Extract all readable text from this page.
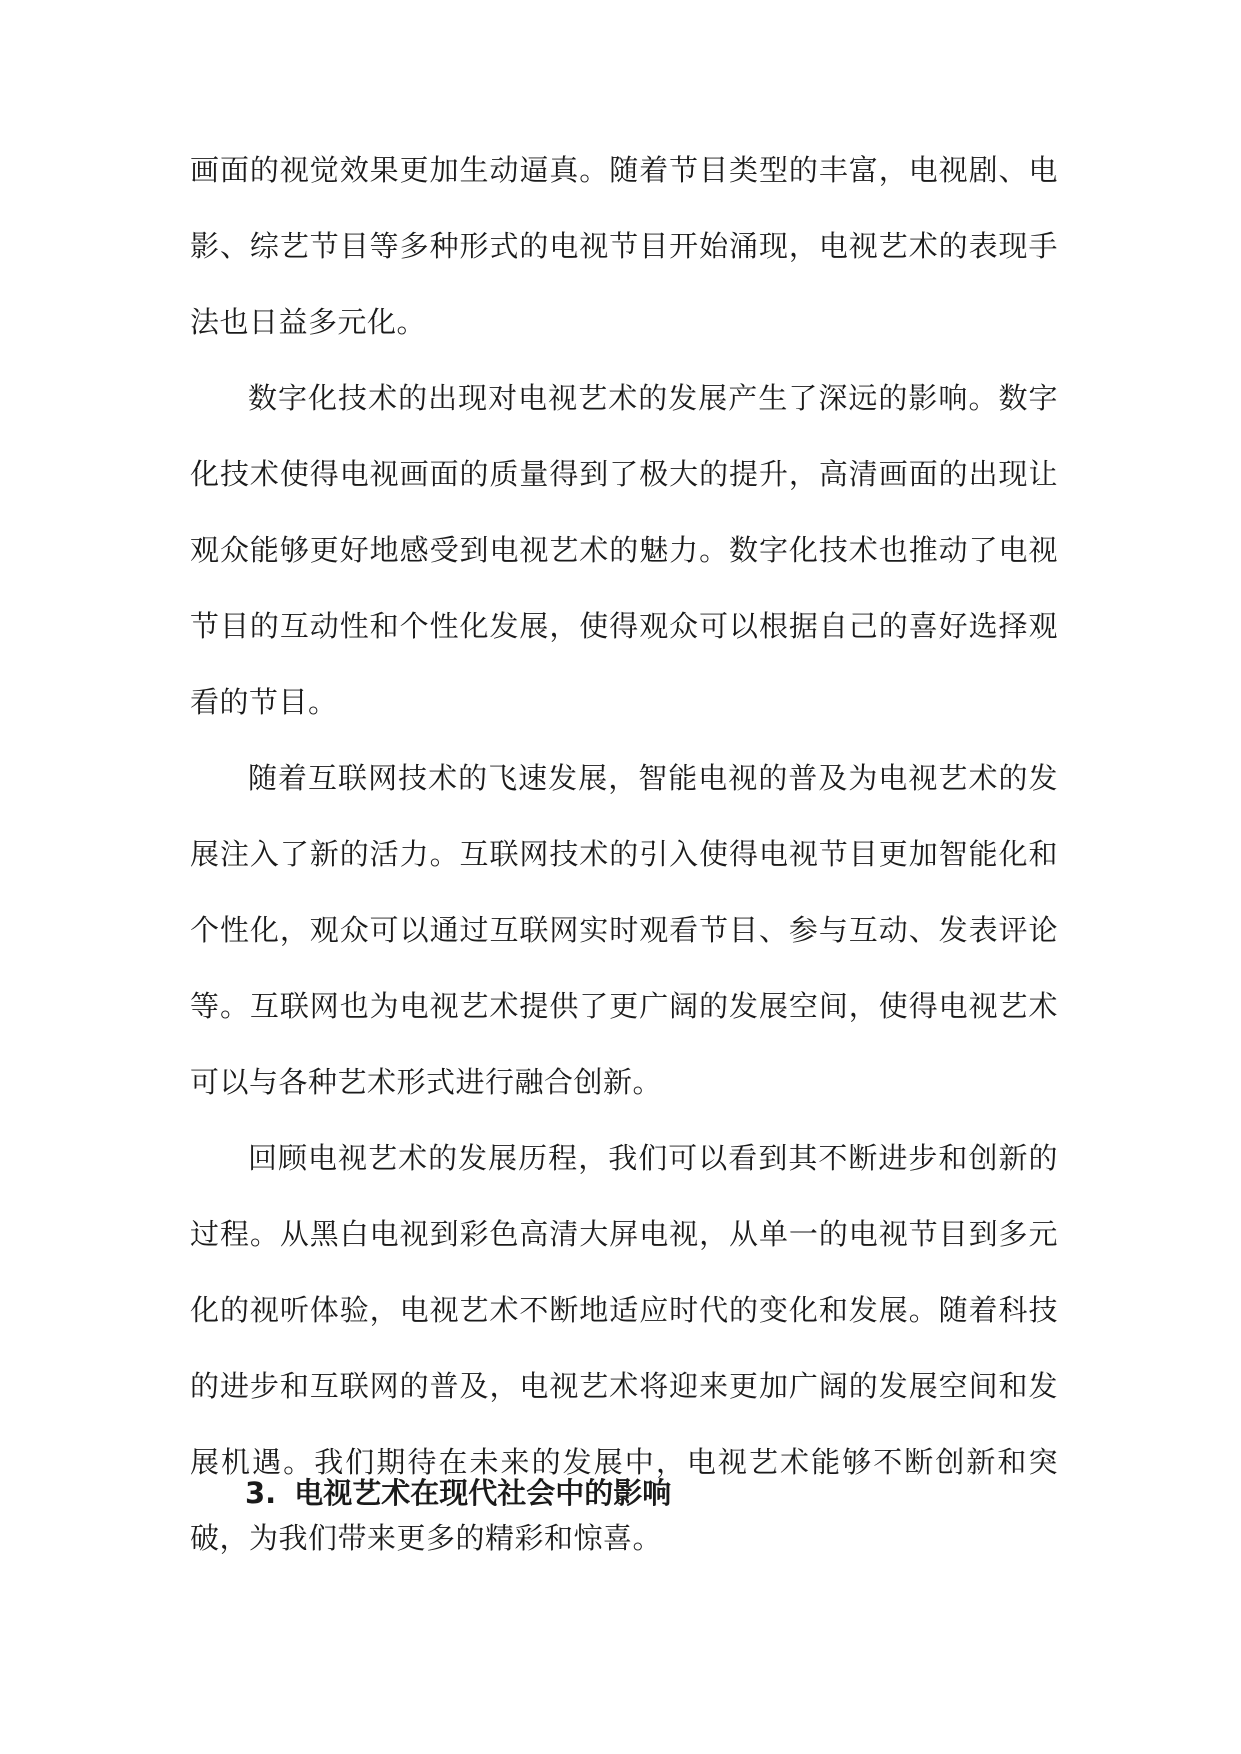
画面的视觉效果更加生动逼真。随着节目类型的丰富，电视剧、电影、综艺节目等多种形式的电视节目开始涌现，电视艺术的表现手法也日益多元化。

数字化技术的出现对电视艺术的发展产生了深远的影响。数字化技术使得电视画面的质量得到了极大的提升，高清画面的出现让观众能够更好地感受到电视艺术的魅力。数字化技术也推动了电视节目的互动性和个性化发展，使得观众可以根据自己的喜好选择观看的节目。

随着互联网技术的飞速发展，智能电视的普及为电视艺术的发展注入了新的活力。互联网技术的引入使得电视节目更加智能化和个性化，观众可以通过互联网实时观看节目、参与互动、发表评论等。互联网也为电视艺术提供了更广阔的发展空间，使得电视艺术可以与各种艺术形式进行融合创新。

回顾电视艺术的发展历程，我们可以看到其不断进步和创新的过程。从黑白电视到彩色高清大屏电视，从单一的电视节目到多元化的视听体验，电视艺术不断地适应时代的变化和发展。随着科技的进步和互联网的普及，电视艺术将迎来更加广阔的发展空间和发展机遇。我们期待在未来的发展中，电视艺术能够不断创新和突破，为我们带来更多的精彩和惊喜。

3. 电视艺术在现代社会中的影响
